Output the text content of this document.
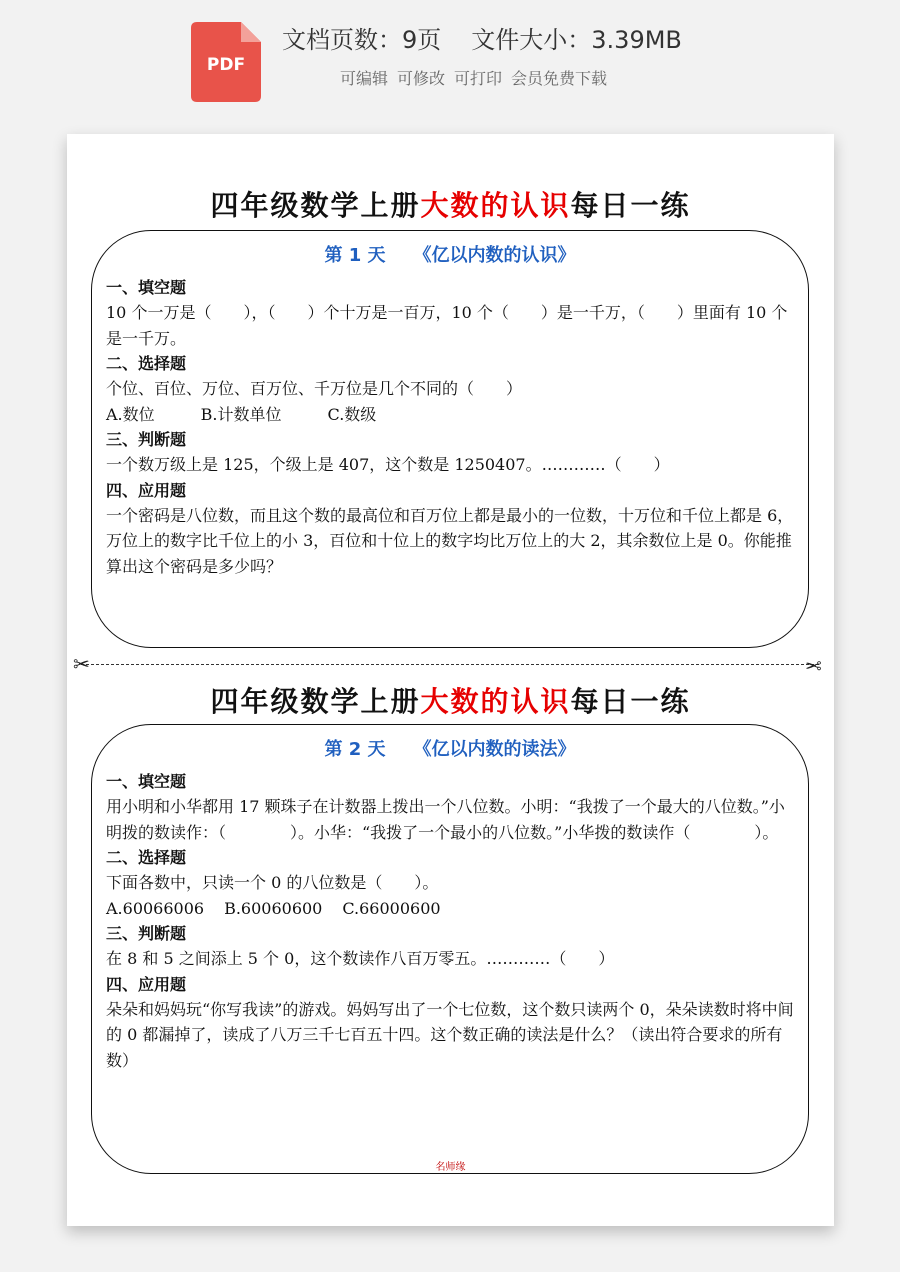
PDF
文档页数：9页 文件大小：3.39MB
可编辑 可修改 可打印 会员免费下载
四年级数学上册大数的认识每日一练
第 1 天 《亿以内数的认识》
一、填空题
10 个一万是（　　），（　　）个十万是一百万，10 个（　　）是一千万，（　　）里面有 10 个是一千万。
二、选择题
个位、百位、万位、百万位、千万位是几个不同的（　　）
A.数位	B.计数单位	C.数级
三、判断题
一个数万级上是 125，个级上是 407，这个数是 1250407。…………（　　）
四、应用题
一个密码是八位数，而且这个数的最高位和百万位上都是最小的一位数，十万位和千位上都是 6，万位上的数字比千位上的小 3，百位和十位上的数字均比万位上的大 2，其余数位上是 0。你能推算出这个密码是多少吗？
✂	✂
四年级数学上册大数的认识每日一练
第 2 天 《亿以内数的读法》
一、填空题
用小明和小华都用 17 颗珠子在计数器上拨出一个八位数。小明：“我拨了一个最大的八位数。”小明拨的数读作：（　　　　）。小华：“我拨了一个最小的八位数。”小华拨的数读作（　　　　）。
二、选择题
下面各数中，只读一个 0 的八位数是（　　）。
A.60066006 B.60060600 C.66000600
三、判断题
在 8 和 5 之间添上 5 个 0，这个数读作八百万零五。…………（　　）
四、应用题
朵朵和妈妈玩“你写我读”的游戏。妈妈写出了一个七位数，这个数只读两个 0，朵朵读数时将中间的 0 都漏掉了，读成了八万三千七百五十四。这个数正确的读法是什么？（读出符合要求的所有数）
名师缘
